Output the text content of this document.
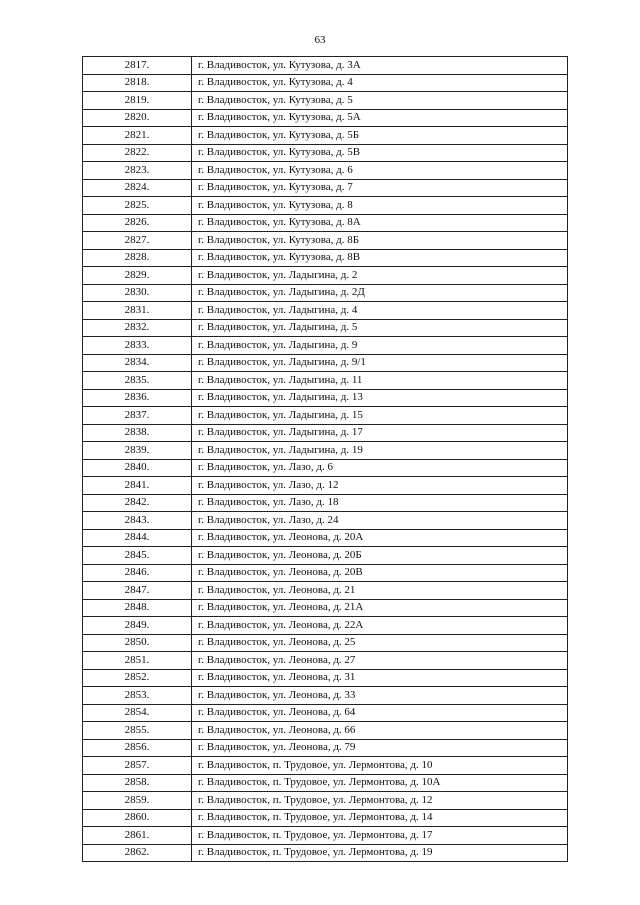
63
2817.	г. Владивосток, ул. Кутузова, д. 3А
2818.	г. Владивосток, ул. Кутузова, д. 4
2819.	г. Владивосток, ул. Кутузова, д. 5
2820.	г. Владивосток, ул. Кутузова, д. 5А
2821.	г. Владивосток, ул. Кутузова, д. 5Б
2822.	г. Владивосток, ул. Кутузова, д. 5В
2823.	г. Владивосток, ул. Кутузова, д. 6
2824.	г. Владивосток, ул. Кутузова, д. 7
2825.	г. Владивосток, ул. Кутузова, д. 8
2826.	г. Владивосток, ул. Кутузова, д. 8А
2827.	г. Владивосток, ул. Кутузова, д. 8Б
2828.	г. Владивосток, ул. Кутузова, д. 8В
2829.	г. Владивосток, ул. Ладыгина, д. 2
2830.	г. Владивосток, ул. Ладыгина, д. 2Д
2831.	г. Владивосток, ул. Ладыгина, д. 4
2832.	г. Владивосток, ул. Ладыгина, д. 5
2833.	г. Владивосток, ул. Ладыгина, д. 9
2834.	г. Владивосток, ул. Ладыгина, д. 9/1
2835.	г. Владивосток, ул. Ладыгина, д. 11
2836.	г. Владивосток, ул. Ладыгина, д. 13
2837.	г. Владивосток, ул. Ладыгина, д. 15
2838.	г. Владивосток, ул. Ладыгина, д. 17
2839.	г. Владивосток, ул. Ладыгина, д. 19
2840.	г. Владивосток, ул. Лазо, д. 6
2841.	г. Владивосток, ул. Лазо, д. 12
2842.	г. Владивосток, ул. Лазо, д. 18
2843.	г. Владивосток, ул. Лазо, д. 24
2844.	г. Владивосток, ул. Леонова, д. 20А
2845.	г. Владивосток, ул. Леонова, д. 20Б
2846.	г. Владивосток, ул. Леонова, д. 20В
2847.	г. Владивосток, ул. Леонова, д. 21
2848.	г. Владивосток, ул. Леонова, д. 21А
2849.	г. Владивосток, ул. Леонова, д. 22А
2850.	г. Владивосток, ул. Леонова, д. 25
2851.	г. Владивосток, ул. Леонова, д. 27
2852.	г. Владивосток, ул. Леонова, д. 31
2853.	г. Владивосток, ул. Леонова, д. 33
2854.	г. Владивосток, ул. Леонова, д. 64
2855.	г. Владивосток, ул. Леонова, д. 66
2856.	г. Владивосток, ул. Леонова, д. 79
2857.	г. Владивосток, п. Трудовое, ул. Лермонтова, д. 10
2858.	г. Владивосток, п. Трудовое, ул. Лермонтова, д. 10А
2859.	г. Владивосток, п. Трудовое, ул. Лермонтова, д. 12
2860.	г. Владивосток, п. Трудовое, ул. Лермонтова, д. 14
2861.	г. Владивосток, п. Трудовое, ул. Лермонтова, д. 17
2862.	г. Владивосток, п. Трудовое, ул. Лермонтова, д. 19
